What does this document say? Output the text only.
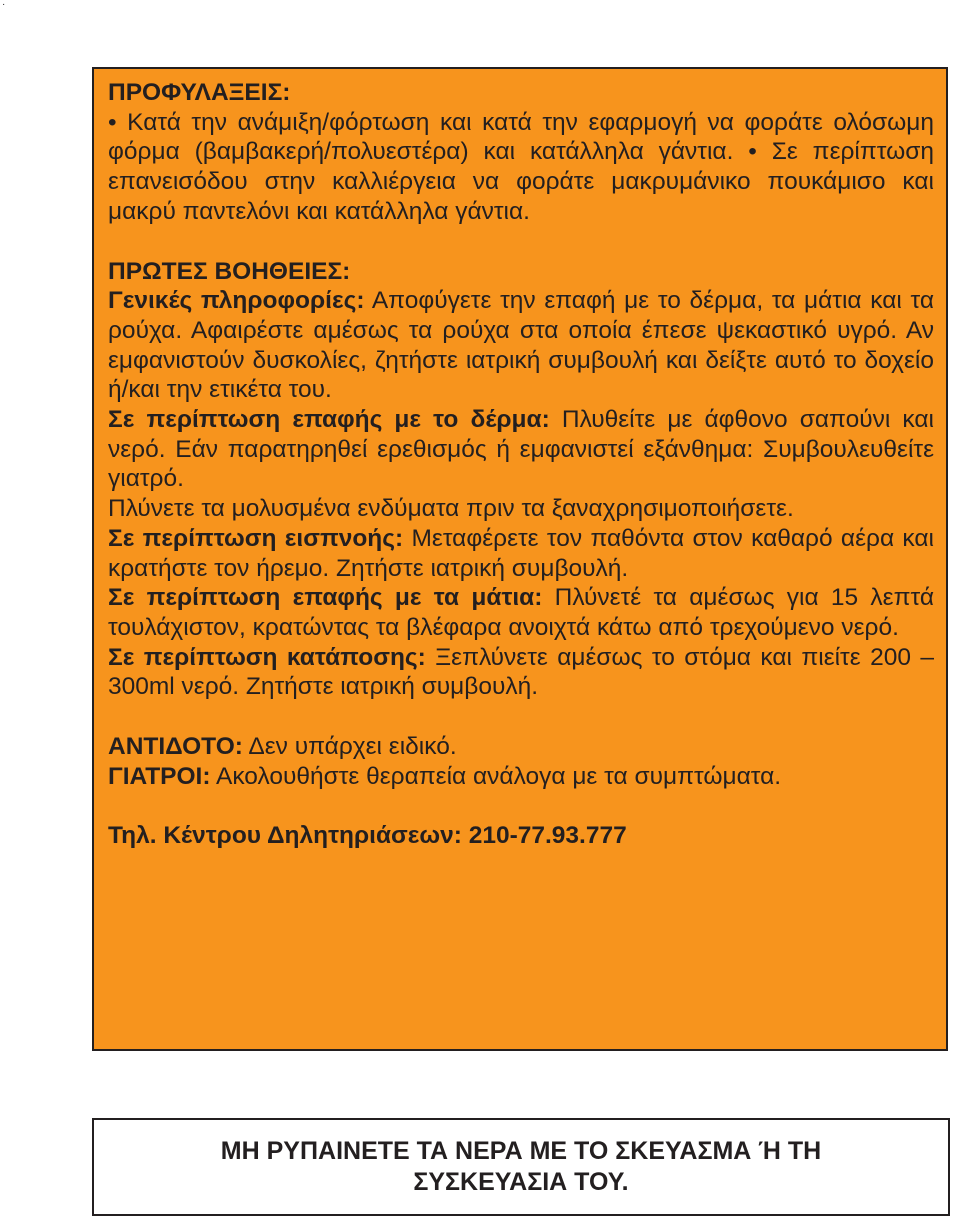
·

ΠΡΟΦΥΛΑΞΕΙΣ:
• Κατά την ανάμιξη/φόρτωση και κατά την εφαρμογή να φοράτε ολόσωμη φόρμα (βαμβακερή/πολυεστέρα) και κατάλληλα γάντια. • Σε περίπτωση επανεισόδου στην καλλιέργεια να φοράτε μακρυμάνικο πουκάμισο και μακρύ παντελόνι και κατάλληλα γάντια.

ΠΡΩΤΕΣ ΒΟΗΘΕΙΕΣ:

Γενικές πληροφορίες: Αποφύγετε την επαφή με το δέρμα, τα μάτια και τα ρούχα. Αφαιρέστε αμέσως τα ρούχα στα οποία έπεσε ψεκαστικό υγρό. Αν εμφανιστούν δυσκολίες, ζητήστε ιατρική συμβουλή και δείξτε αυτό το δοχείο ή/και την ετικέτα του.

Σε περίπτωση επαφής με το δέρμα: Πλυθείτε με άφθονο σαπούνι και νερό. Εάν παρατηρηθεί ερεθισμός ή εμφανιστεί εξάνθημα: Συμβουλευθείτε γιατρό.

Πλύνετε τα μολυσμένα ενδύματα πριν τα ξαναχρησιμοποιήσετε.

Σε περίπτωση εισπνοής: Μεταφέρετε τον παθόντα στον καθαρό αέρα και κρατήστε τον ήρεμο. Ζητήστε ιατρική συμβουλή.

Σε περίπτωση επαφής με τα μάτια: Πλύνετέ τα αμέσως για 15 λεπτά τουλάχιστον, κρατώντας τα βλέφαρα ανοιχτά κάτω από τρεχούμενο νερό.

Σε περίπτωση κατάποσης: Ξεπλύνετε αμέσως το στόμα και πιείτε 200 – 300ml νερό. Ζητήστε ιατρική συμβουλή.

ΑΝΤΙΔΟΤΟ: Δεν υπάρχει ειδικό.

ΓΙΑΤΡΟΙ: Ακολουθήστε θεραπεία ανάλογα με τα συμπτώματα.

Τηλ. Κέντρου Δηλητηριάσεων: 210-77.93.777

ΜΗ ΡΥΠΑΙΝΕΤΕ ΤΑ ΝΕΡΑ ΜΕ ΤΟ ΣΚΕΥΑΣΜΑ Ή ΤΗ ΣΥΣΚΕΥΑΣΙΑ ΤΟΥ.
